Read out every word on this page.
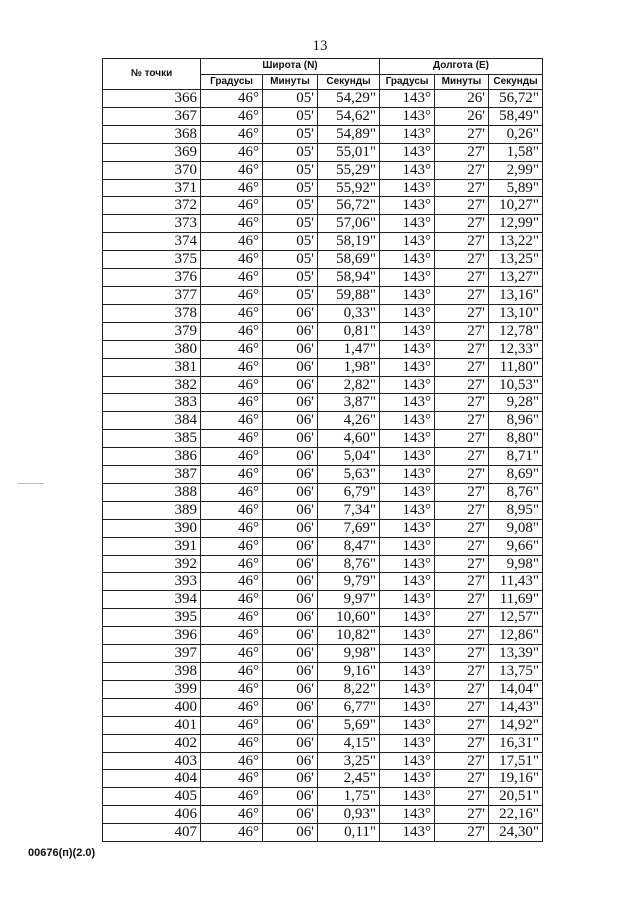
13
№ точки	Широта (N)			Долгота (E)		
	Градусы	Минуты	Секунды	Градусы	Минуты	Секунды
366	46°	05'	54,29"	143°	26'	56,72"
367	46°	05'	54,62"	143°	26'	58,49"
368	46°	05'	54,89"	143°	27'	0,26"
369	46°	05'	55,01"	143°	27'	1,58"
370	46°	05'	55,29"	143°	27'	2,99"
371	46°	05'	55,92"	143°	27'	5,89"
372	46°	05'	56,72"	143°	27'	10,27"
373	46°	05'	57,06"	143°	27'	12,99"
374	46°	05'	58,19"	143°	27'	13,22"
375	46°	05'	58,69"	143°	27'	13,25"
376	46°	05'	58,94"	143°	27'	13,27"
377	46°	05'	59,88"	143°	27'	13,16"
378	46°	06'	0,33"	143°	27'	13,10"
379	46°	06'	0,81"	143°	27'	12,78"
380	46°	06'	1,47"	143°	27'	12,33"
381	46°	06'	1,98"	143°	27'	11,80"
382	46°	06'	2,82"	143°	27'	10,53"
383	46°	06'	3,87"	143°	27'	9,28"
384	46°	06'	4,26"	143°	27'	8,96"
385	46°	06'	4,60"	143°	27'	8,80"
386	46°	06'	5,04"	143°	27'	8,71"
387	46°	06'	5,63"	143°	27'	8,69"
388	46°	06'	6,79"	143°	27'	8,76"
389	46°	06'	7,34"	143°	27'	8,95"
390	46°	06'	7,69"	143°	27'	9,08"
391	46°	06'	8,47"	143°	27'	9,66"
392	46°	06'	8,76"	143°	27'	9,98"
393	46°	06'	9,79"	143°	27'	11,43"
394	46°	06'	9,97"	143°	27'	11,69"
395	46°	06'	10,60"	143°	27'	12,57"
396	46°	06'	10,82"	143°	27'	12,86"
397	46°	06'	9,98"	143°	27'	13,39"
398	46°	06'	9,16"	143°	27'	13,75"
399	46°	06'	8,22"	143°	27'	14,04"
400	46°	06'	6,77"	143°	27'	14,43"
401	46°	06'	5,69"	143°	27'	14,92"
402	46°	06'	4,15"	143°	27'	16,31"
403	46°	06'	3,25"	143°	27'	17,51"
404	46°	06'	2,45"	143°	27'	19,16"
405	46°	06'	1,75"	143°	27'	20,51"
406	46°	06'	0,93"	143°	27'	22,16"
407	46°	06'	0,11"	143°	27'	24,30"
00676(п)(2.0)
